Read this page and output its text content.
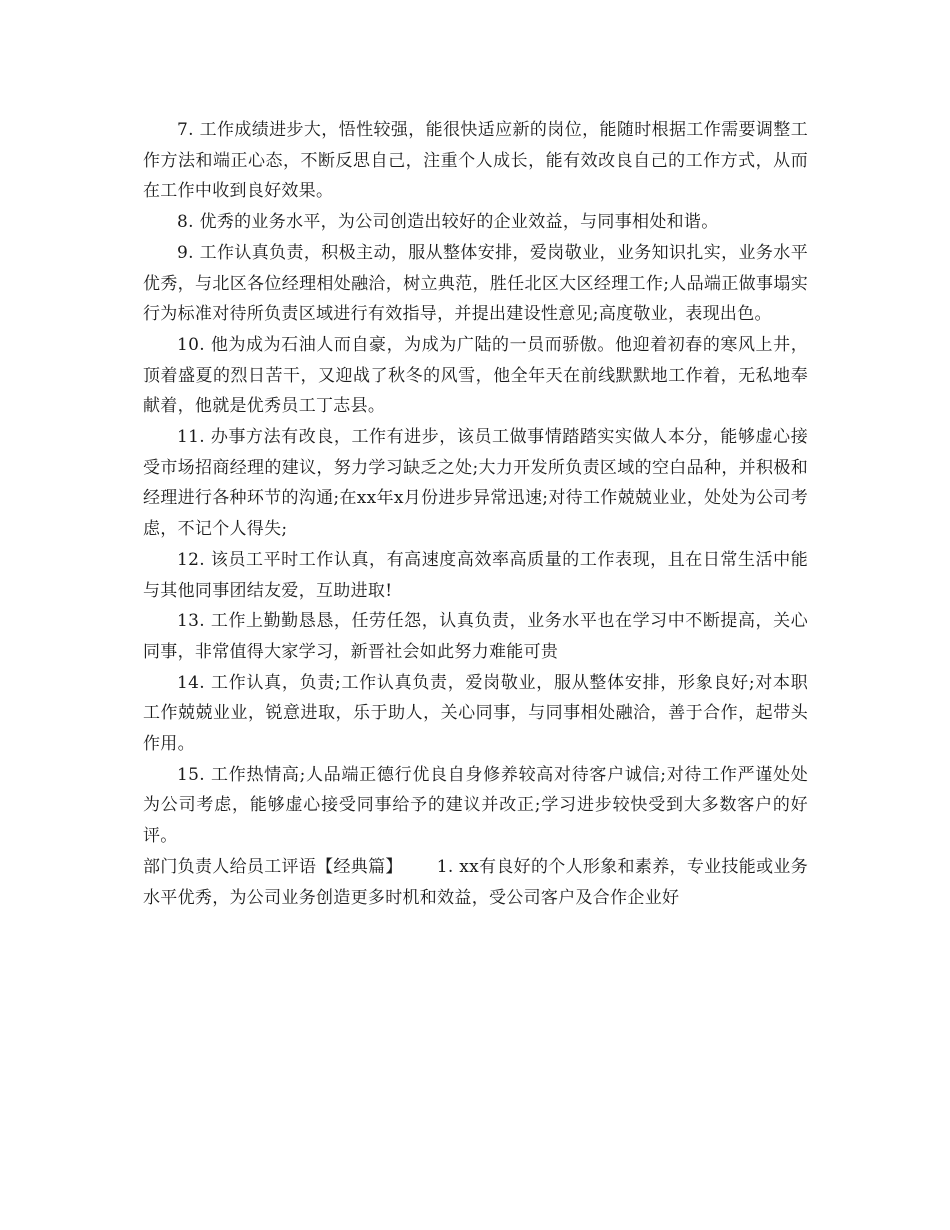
7. 工作成绩进步大，悟性较强，能很快适应新的岗位，能随时根据工作需要调整工作方法和端正心态，不断反思自己，注重个人成长，能有效改良自己的工作方式，从而在工作中收到良好效果。

8. 优秀的业务水平，为公司创造出较好的企业效益，与同事相处和谐。

9. 工作认真负责，积极主动，服从整体安排，爱岗敬业，业务知识扎实，业务水平优秀，与北区各位经理相处融洽，树立典范，胜任北区大区经理工作;人品端正做事塌实行为标准对待所负责区域进行有效指导，并提出建设性意见;高度敬业，表现出色。

10. 他为成为石油人而自豪，为成为广陆的一员而骄傲。他迎着初春的寒风上井，顶着盛夏的烈日苦干，又迎战了秋冬的风雪，他全年天在前线默默地工作着，无私地奉献着，他就是优秀员工丁志县。

11. 办事方法有改良，工作有进步，该员工做事情踏踏实实做人本分，能够虚心接受市场招商经理的建议，努力学习缺乏之处;大力开发所负责区域的空白品种，并积极和经理进行各种环节的沟通;在xx年x月份进步异常迅速;对待工作兢兢业业，处处为公司考虑，不记个人得失;

12. 该员工平时工作认真，有高速度高效率高质量的工作表现，且在日常生活中能与其他同事团结友爱，互助进取!

13. 工作上勤勤恳恳，任劳任怨，认真负责，业务水平也在学习中不断提高，关心同事，非常值得大家学习，新晋社会如此努力难能可贵

14. 工作认真，负责;工作认真负责，爱岗敬业，服从整体安排，形象良好;对本职工作兢兢业业，锐意进取，乐于助人，关心同事，与同事相处融洽，善于合作，起带头作用。

15. 工作热情高;人品端正德行优良自身修养较高对待客户诚信;对待工作严谨处处为公司考虑，能够虚心接受同事给予的建议并改正;学习进步较快受到大多数客户的好评。

部门负责人给员工评语【经典篇】 1. xx有良好的个人形象和素养，专业技能或业务水平优秀，为公司业务创造更多时机和效益，受公司客户及合作企业好
